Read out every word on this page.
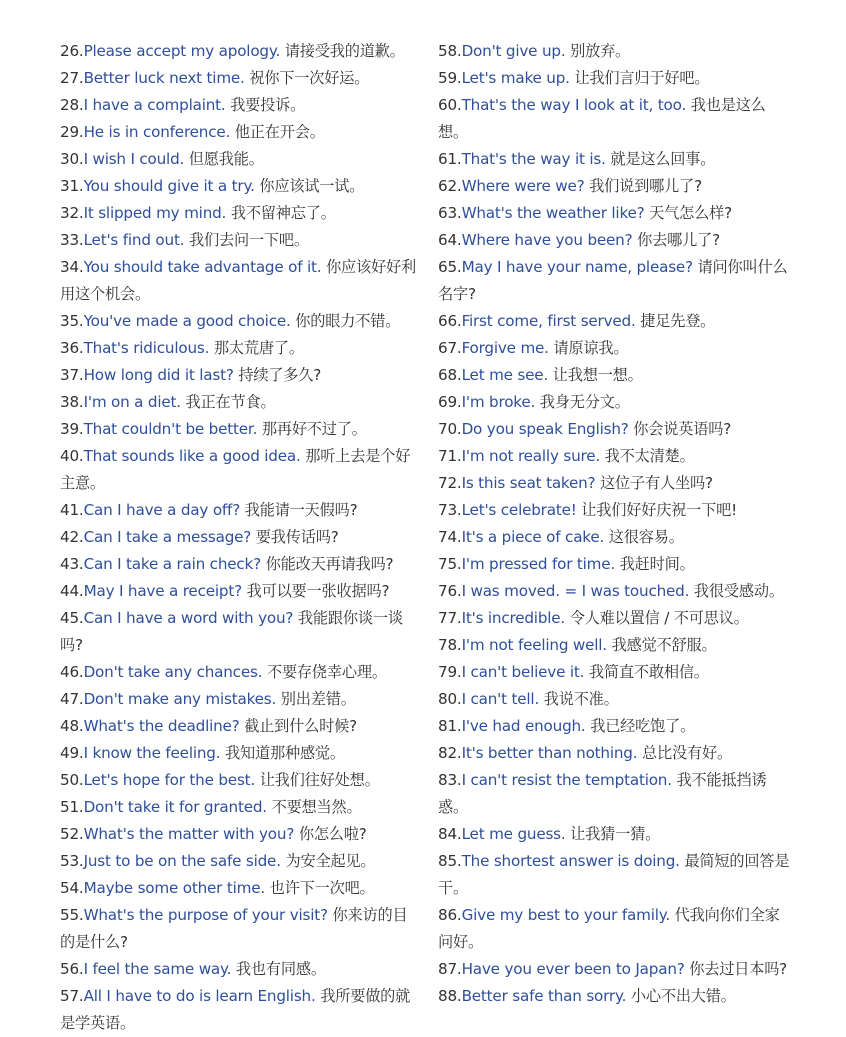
26.Please accept my apology. 请接受我的道歉。
27.Better luck next time. 祝你下一次好运。
28.I have a complaint. 我要投诉。
29.He is in conference. 他正在开会。
30.I wish I could. 但愿我能。
31.You should give it a try. 你应该试一试。
32.It slipped my mind. 我不留神忘了。
33.Let's find out. 我们去问一下吧。
34.You should take advantage of it. 你应该好好利用这个机会。
35.You've made a good choice. 你的眼力不错。
36.That's ridiculous. 那太荒唐了。
37.How long did it last? 持续了多久?
38.I'm on a diet. 我正在节食。
39.That couldn't be better. 那再好不过了。
40.That sounds like a good idea. 那听上去是个好主意。
41.Can I have a day off? 我能请一天假吗?
42.Can I take a message? 要我传话吗?
43.Can I take a rain check? 你能改天再请我吗?
44.May I have a receipt? 我可以要一张收据吗?
45.Can I have a word with you? 我能跟你谈一谈吗?
46.Don't take any chances. 不要存侥幸心理。
47.Don't make any mistakes. 别出差错。
48.What's the deadline? 截止到什么时候?
49.I know the feeling. 我知道那种感觉。
50.Let's hope for the best. 让我们往好处想。
51.Don't take it for granted. 不要想当然。
52.What's the matter with you? 你怎么啦?
53.Just to be on the safe side. 为安全起见。
54.Maybe some other time. 也许下一次吧。
55.What's the purpose of your visit? 你来访的目的是什么?
56.I feel the same way. 我也有同感。
57.All I have to do is learn English. 我所要做的就是学英语。
58.Don't give up. 别放弃。
59.Let's make up. 让我们言归于好吧。
60.That's the way I look at it, too. 我也是这么想。
61.That's the way it is. 就是这么回事。
62.Where were we? 我们说到哪儿了?
63.What's the weather like? 天气怎么样?
64.Where have you been? 你去哪儿了?
65.May I have your name, please? 请问你叫什么名字?
66.First come, first served. 捷足先登。
67.Forgive me. 请原谅我。
68.Let me see. 让我想一想。
69.I'm broke. 我身无分文。
70.Do you speak English? 你会说英语吗?
71.I'm not really sure. 我不太清楚。
72.Is this seat taken? 这位子有人坐吗?
73.Let's celebrate! 让我们好好庆祝一下吧!
74.It's a piece of cake. 这很容易。
75.I'm pressed for time. 我赶时间。
76.I was moved. = I was touched. 我很受感动。
77.It's incredible. 令人难以置信 / 不可思议。
78.I'm not feeling well. 我感觉不舒服。
79.I can't believe it. 我简直不敢相信。
80.I can't tell. 我说不准。
81.I've had enough. 我已经吃饱了。
82.It's better than nothing. 总比没有好。
83.I can't resist the temptation. 我不能抵挡诱惑。
84.Let me guess. 让我猜一猜。
85.The shortest answer is doing. 最简短的回答是干。
86.Give my best to your family. 代我向你们全家问好。
87.Have you ever been to Japan? 你去过日本吗?
88.Better safe than sorry. 小心不出大错。
